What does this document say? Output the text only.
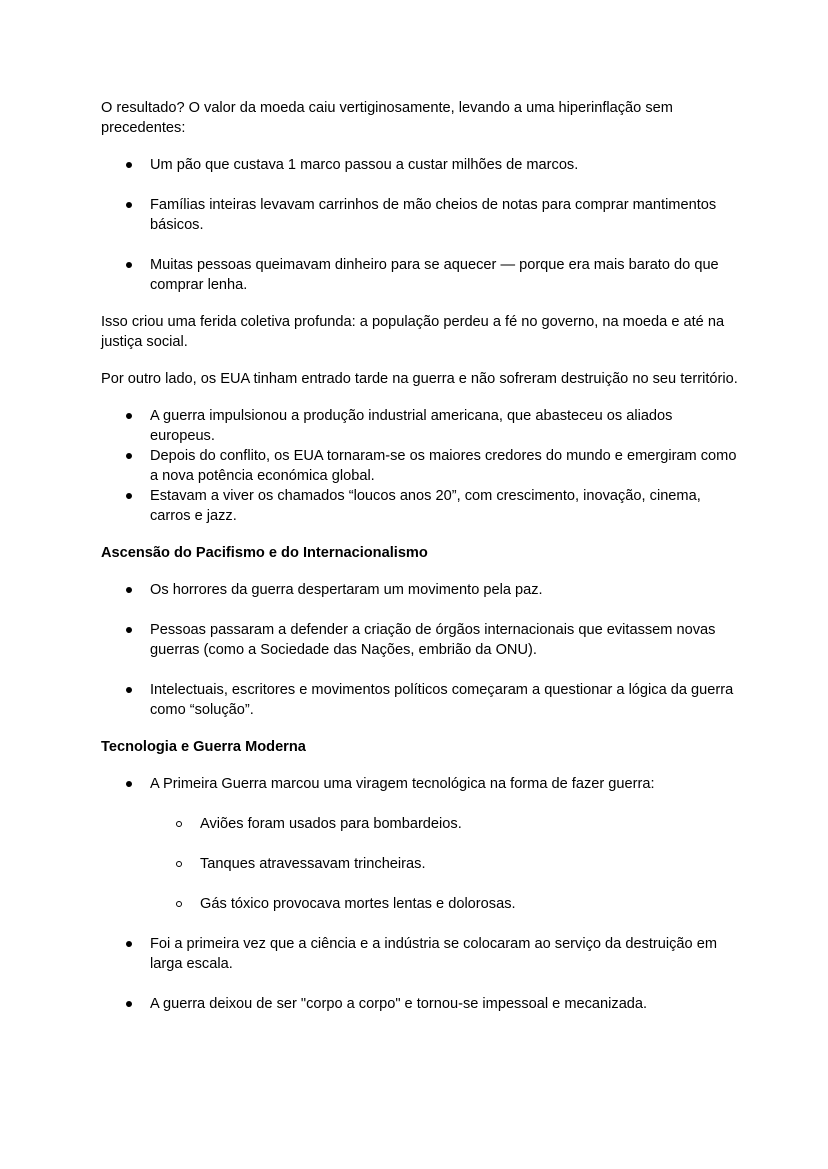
O resultado? O valor da moeda caiu vertiginosamente, levando a uma hiperinflação sem precedentes:

Um pão que custava 1 marco passou a custar milhões de marcos.
Famílias inteiras levavam carrinhos de mão cheios de notas para comprar mantimentos básicos.
Muitas pessoas queimavam dinheiro para se aquecer — porque era mais barato do que comprar lenha.

Isso criou uma ferida coletiva profunda: a população perdeu a fé no governo, na moeda e até na justiça social.

Por outro lado, os EUA tinham entrado tarde na guerra e não sofreram destruição no seu território.

A guerra impulsionou a produção industrial americana, que abasteceu os aliados europeus.
Depois do conflito, os EUA tornaram-se os maiores credores do mundo e emergiram como a nova potência económica global.
Estavam a viver os chamados “loucos anos 20”, com crescimento, inovação, cinema, carros e jazz.
Ascensão do Pacifismo e do Internacionalismo
Os horrores da guerra despertaram um movimento pela paz.
Pessoas passaram a defender a criação de órgãos internacionais que evitassem novas guerras (como a Sociedade das Nações, embrião da ONU).
Intelectuais, escritores e movimentos políticos começaram a questionar a lógica da guerra como “solução”.
Tecnologia e Guerra Moderna
A Primeira Guerra marcou uma viragem tecnológica na forma de fazer guerra:
Aviões foram usados para bombardeios.
Tanques atravessavam trincheiras.
Gás tóxico provocava mortes lentas e dolorosas.
Foi a primeira vez que a ciência e a indústria se colocaram ao serviço da destruição em larga escala.
A guerra deixou de ser "corpo a corpo" e tornou-se impessoal e mecanizada.
